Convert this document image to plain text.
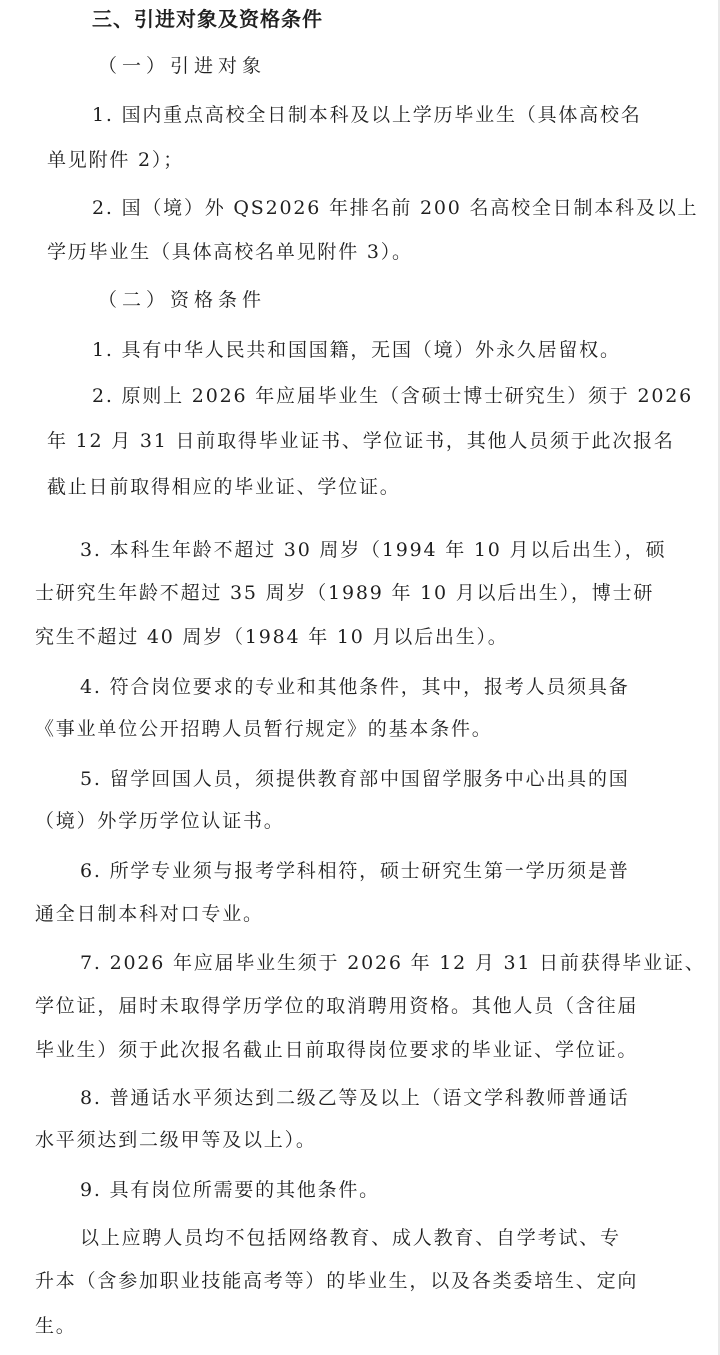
三、引进对象及资格条件
（一）引进对象
1. 国内重点高校全日制本科及以上学历毕业生（具体高校名
单见附件 2）；
2. 国（境）外 QS2026 年排名前 200 名高校全日制本科及以上
学历毕业生（具体高校名单见附件 3）。
（二）资格条件
1. 具有中华人民共和国国籍，无国（境）外永久居留权。
2. 原则上 2026 年应届毕业生（含硕士博士研究生）须于 2026
年 12 月 31 日前取得毕业证书、学位证书，其他人员须于此次报名
截止日前取得相应的毕业证、学位证。
3. 本科生年龄不超过 30 周岁（1994 年 10 月以后出生），硕
士研究生年龄不超过 35 周岁（1989 年 10 月以后出生），博士研
究生不超过 40 周岁（1984 年 10 月以后出生）。
4. 符合岗位要求的专业和其他条件，其中，报考人员须具备
《事业单位公开招聘人员暂行规定》的基本条件。
5. 留学回国人员，须提供教育部中国留学服务中心出具的国
（境）外学历学位认证书。
6. 所学专业须与报考学科相符，硕士研究生第一学历须是普
通全日制本科对口专业。
7. 2026 年应届毕业生须于 2026 年 12 月 31 日前获得毕业证、
学位证，届时未取得学历学位的取消聘用资格。其他人员（含往届
毕业生）须于此次报名截止日前取得岗位要求的毕业证、学位证。
8. 普通话水平须达到二级乙等及以上（语文学科教师普通话
水平须达到二级甲等及以上）。
9. 具有岗位所需要的其他条件。
以上应聘人员均不包括网络教育、成人教育、自学考试、专
升本（含参加职业技能高考等）的毕业生，以及各类委培生、定向
生。
